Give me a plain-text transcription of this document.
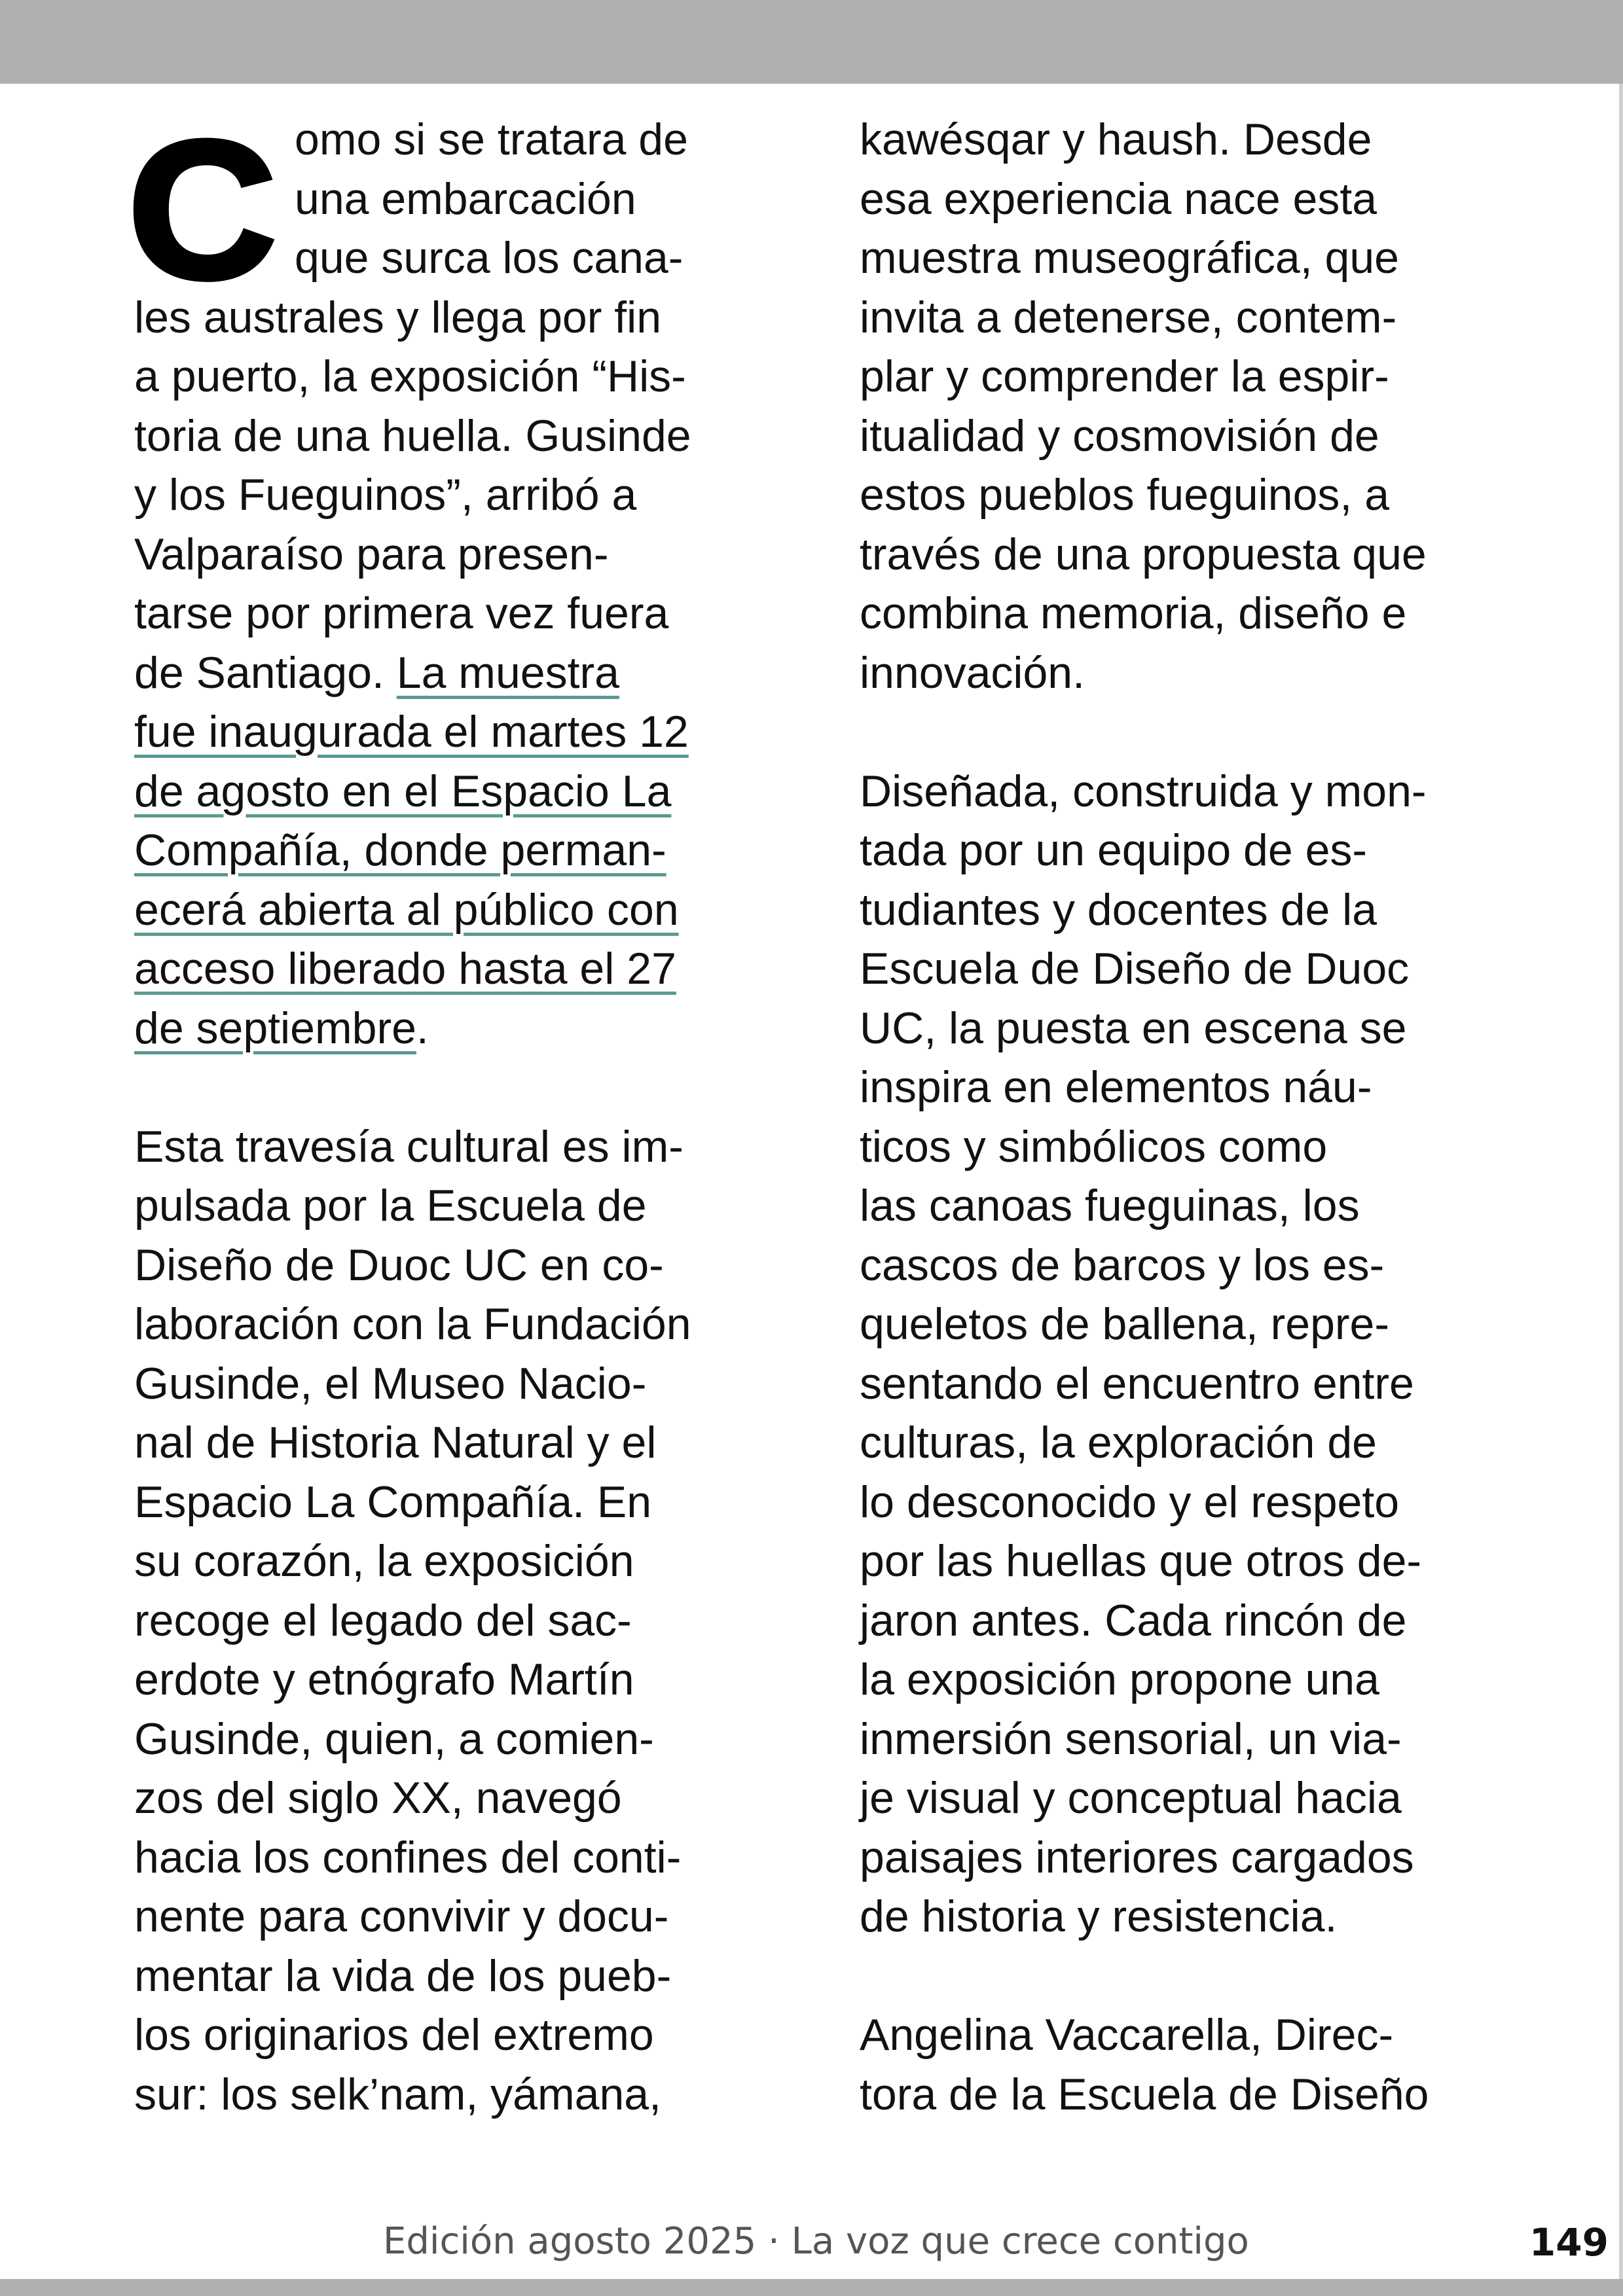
C omo si se tratara de
una embarcación
que surca los cana-
les australes y llega por fin
a puerto, la exposición “His-
toria de una huella. Gusinde
y los Fueguinos”, arribó a
Valparaíso para presen-
tarse por primera vez fuera
de Santiago. La muestra
fue inaugurada el martes 12
de agosto en el Espacio La
Compañía, donde perman-
ecerá abierta al público con
acceso liberado hasta el 27
de septiembre.
Esta travesía cultural es im-
pulsada por la Escuela de
Diseño de Duoc UC en co-
laboración con la Fundación
Gusinde, el Museo Nacio-
nal de Historia Natural y el
Espacio La Compañía. En
su corazón, la exposición
recoge el legado del sac-
erdote y etnógrafo Martín
Gusinde, quien, a comien-
zos del siglo XX, navegó
hacia los confines del conti-
nente para convivir y docu-
mentar la vida de los pueb-
los originarios del extremo
sur: los selk’nam, yámana,
kawésqar y haush. Desde
esa experiencia nace esta
muestra museográfica, que
invita a detenerse, contem-
plar y comprender la espir-
itualidad y cosmovisión de
estos pueblos fueguinos, a
través de una propuesta que
combina memoria, diseño e
innovación.
Diseñada, construida y mon-
tada por un equipo de es-
tudiantes y docentes de la
Escuela de Diseño de Duoc
UC, la puesta en escena se
inspira en elementos náu-
ticos y simbólicos como
las canoas fueguinas, los
cascos de barcos y los es-
queletos de ballena, repre-
sentando el encuentro entre
culturas, la exploración de
lo desconocido y el respeto
por las huellas que otros de-
jaron antes. Cada rincón de
la exposición propone una
inmersión sensorial, un via-
je visual y conceptual hacia
paisajes interiores cargados
de historia y resistencia.
Angelina Vaccarella, Direc-
tora de la Escuela de Diseño
Edición agosto 2025 · La voz que crece contigo	149
